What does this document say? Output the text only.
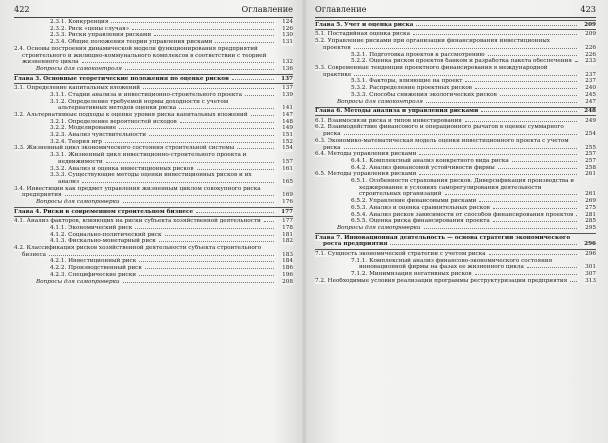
422	Оглавление
2.3.1. Конкуренция	124
2.3.2. Риск «цены случая»	126
2.3.3. Риски управления рисками	130
2.3.4. Общие положения теории управления рисками	131
2.4. Основы построения динамической модели функционирования предприятий строительного и жилищно-коммунального комплексов в соответствии с теорией жизненного цикла	132
Вопросы для самоконтроля	136
Глава 3. Основные теоретические положения по оценке рисков	137
3.1. Определение капитальных вложений	137
3.1.1. Стадии анализа и инвестиционно-строительного проекта	139
3.1.2. Определение требуемой нормы доходности с учетом альтернативных методов оценки риска	141
3.2. Альтернативные подходы к оценке уровня риска капитальных вложений	147
3.2.1. Определение вероятностей исходов	148
3.2.2. Моделирование	149
3.2.3. Анализ чувствительности	151
3.2.4. Теория игр	152
3.3. Жизненный цикл экономического состояния строительной системы	154
3.3.1. Жизненный цикл инвестиционно-строительного проекта и недвижимости	157
3.3.2. Анализ и оценка инвестиционных рисков	161
3.3.3. Существующие методы оценки инвестиционных рисков и их анализ	165
3.4. Инвестиции как предмет управления жизненным циклом совокупного риска предприятия	169
Вопросы для самопроверки	176
Глава 4. Риски в современном строительном бизнесе	177
4.1. Анализ факторов, влияющих на риски субъекта хозяйственной деятельности	177
4.1.1. Экономический риск	178
4.1.2. Социально-политический риск	181
4.1.3. Фискально-монетарный риск	182
4.2. Классификация рисков хозяйственной деятельности субъекта строительного бизнеса	183
4.2.1. Инвестиционный риск	184
4.2.2. Производственный риск	186
4.2.3. Специфические риски	196
Вопросы для самопроверки	208
Оглавление	423
Глава 5. Учет и оценка риска	209
5.1. Постадийная оценка риска	209
5.2. Управление рисками при организации финансирования инвестиционных проектов	226
5.2.1. Подготовка проектов к рассмотрению	226
5.2.2. Оценка рисков проектов банком и разработка пакета обеспечения 233
5.3. Современные тенденции проектного финансирования в международной практике	237
5.3.1. Факторы, влияющие на проект	237
5.3.2. Распределение проектных рисков	240
5.3.3. Способы снижения экологических рисков	245
Вопросы для самоконтроля	247
Глава 6. Методы анализа и управления рисками	248
6.1. Взаимосвязи риска и типов инвестирования	249
6.2. Взаимодействие финансового и операционного рычагов в оценке суммарного риска	254
6.3. Экономико-математическая модель оценки инвестиционного проекта с учетом риска	255
6.4. Методы управления рисками	257
6.4.1. Комплексный анализ конкретного вида риска	257
6.4.2. Анализ финансовой устойчивости фирмы	258
6.5. Методы управления рисками	261
6.5.1. Особенности страхования рисков. Диверсификация производства и хеджирование в условиях саморегулирования деятельности строительных организаций	261
6.5.2. Управление финансовыми рисками	269
6.5.3. Анализ и оценка сравнительных рисков	275
6.5.4. Анализ рисков зависимости от способов финансирования проектов 281
6.5.5. Оценка риска финансирования проекта	285
Вопросы для самопроверки	295
Глава 7. Инновационная деятельность — основа стратегии экономического роста предприятия	296
7.1. Сущность экономической стратегии с учетом риска	296
7.1.1. Комплексный анализ финансово-экономического состояния инновационной фирмы на фазах ее жизненного цикла	301
7.1.2. Минимизация негативных рисков	307
7.2. Необходимые условия реализации программы реструктуризации предприятия	313
